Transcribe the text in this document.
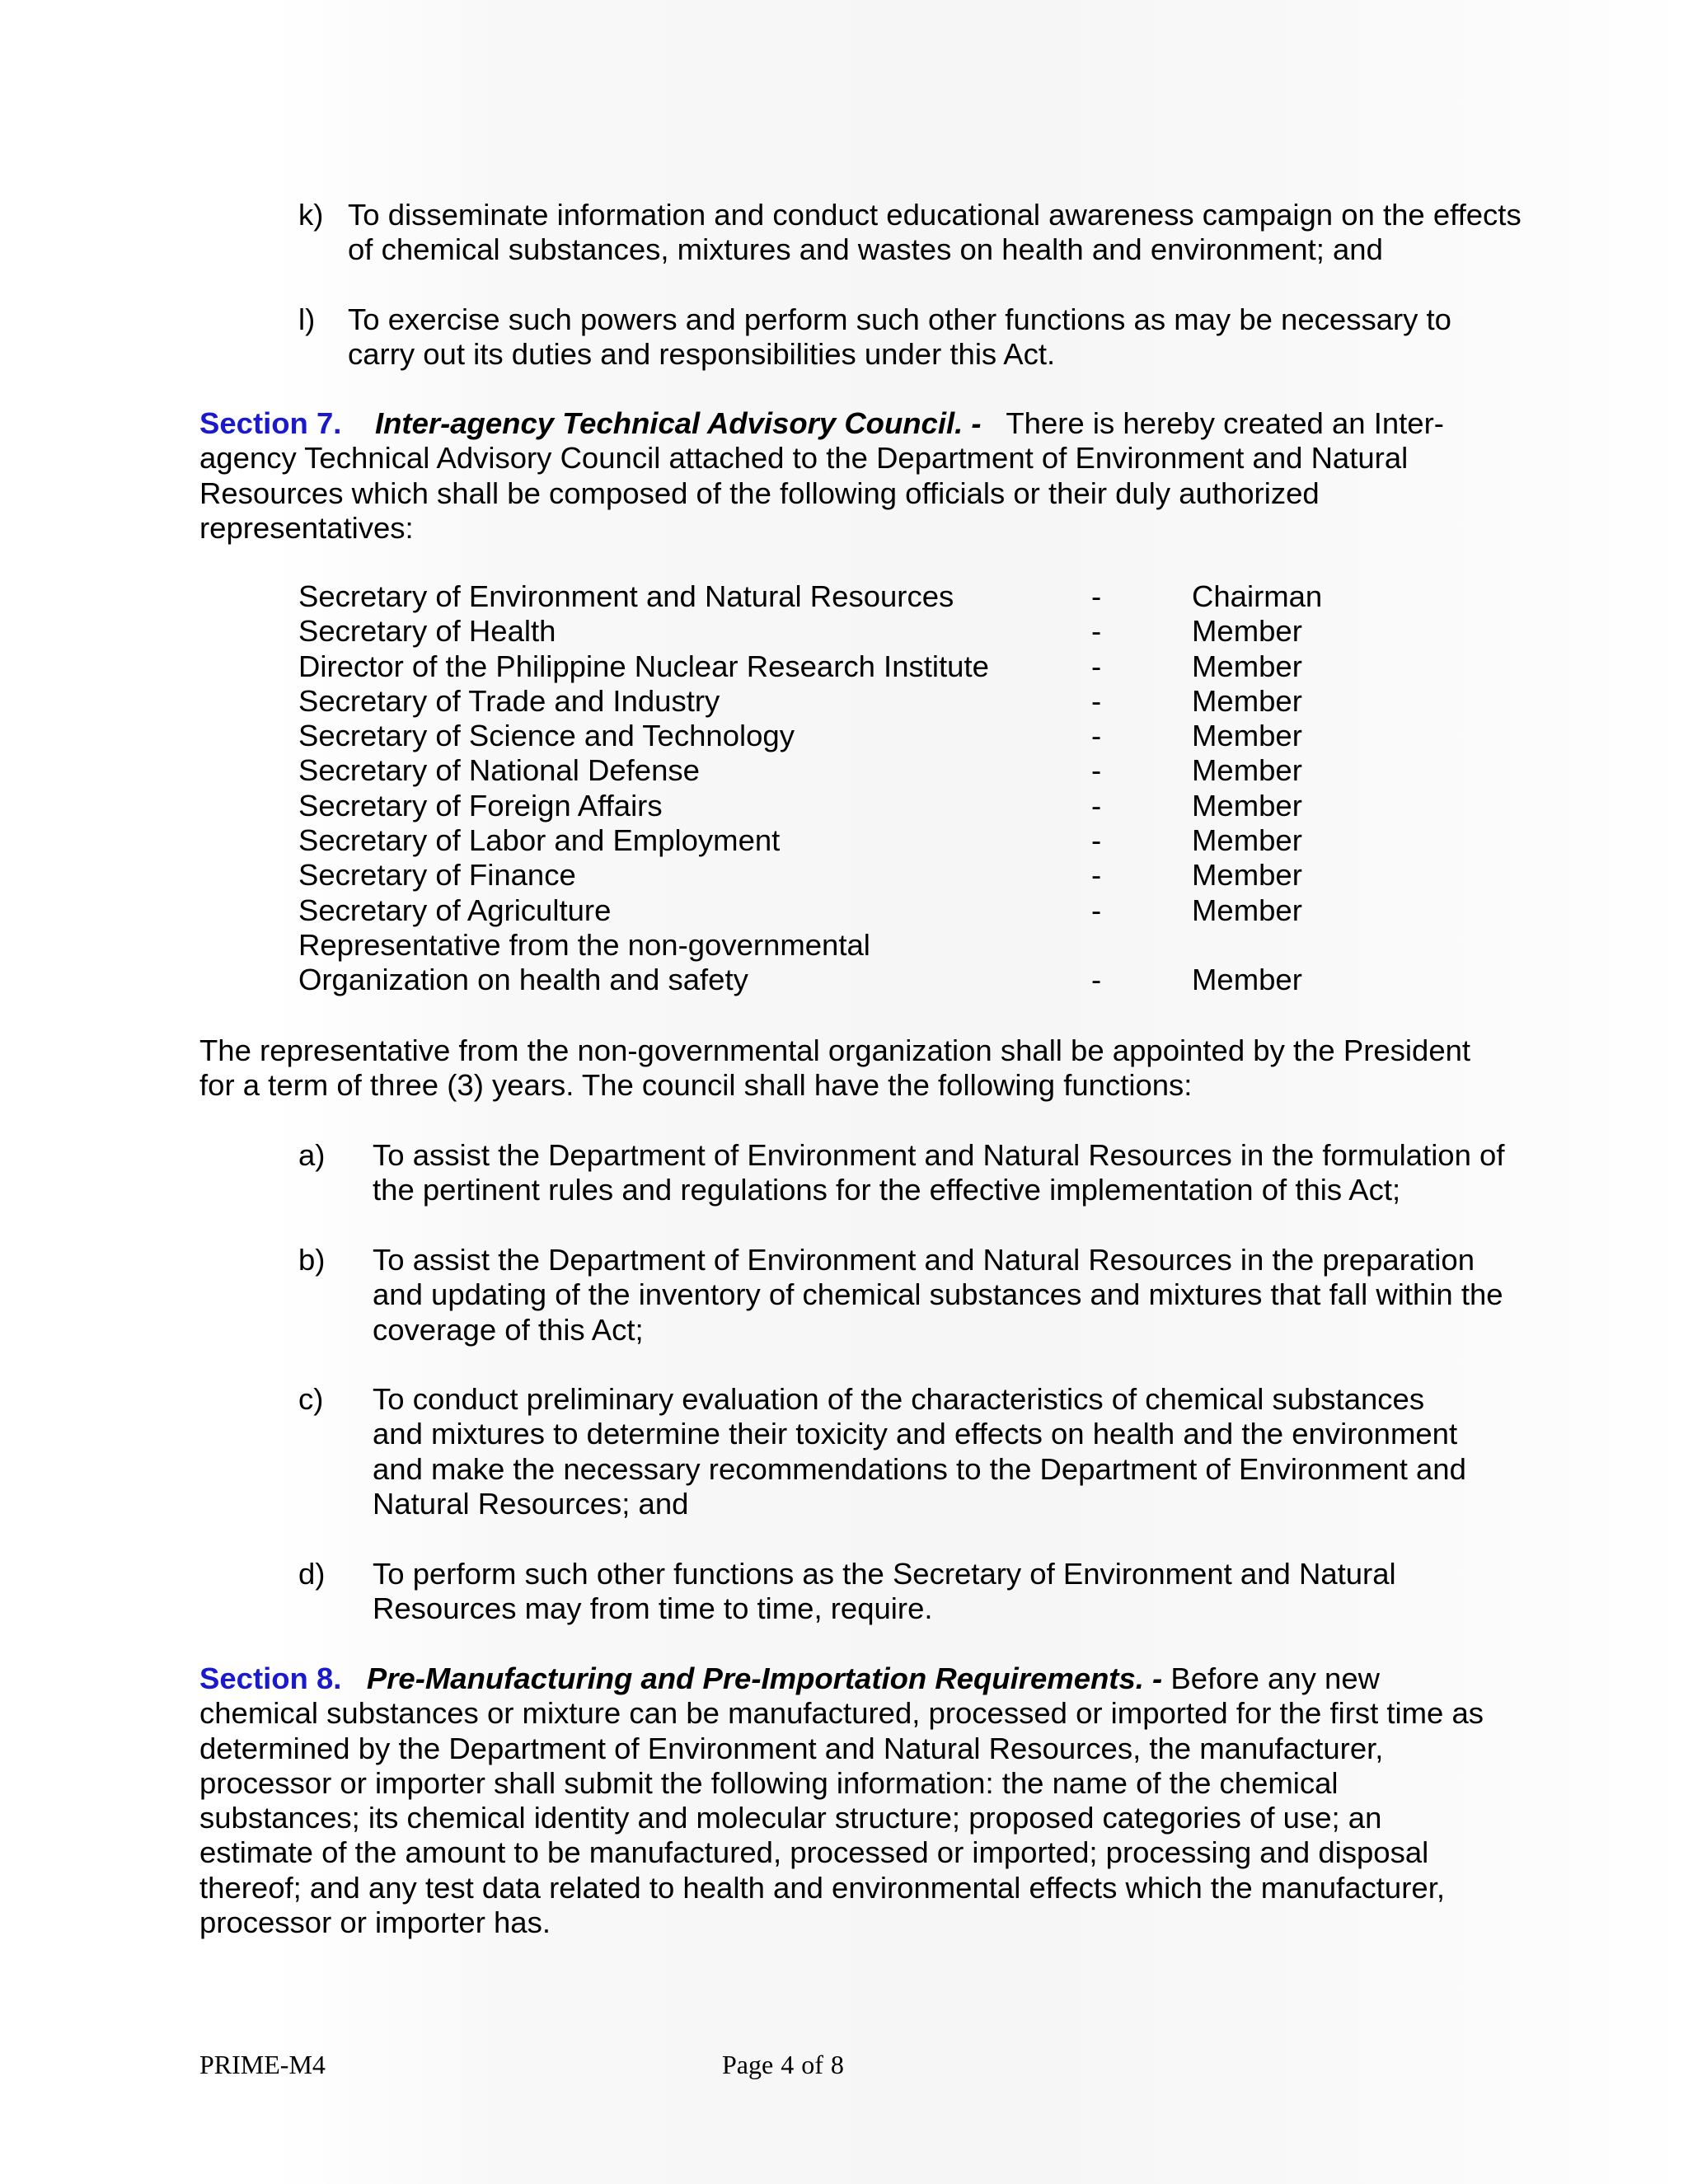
k) To disseminate information and conduct educational awareness campaign on the effects of chemical substances, mixtures and wastes on health and environment; and
l) To exercise such powers and perform such other functions as may be necessary to carry out its duties and responsibilities under this Act.
Section 7. Inter-agency Technical Advisory Council. - There is hereby created an Inter-agency Technical Advisory Council attached to the Department of Environment and Natural Resources which shall be composed of the following officials or their duly authorized representatives:
Secretary of Environment and Natural Resources	-	Chairman
Secretary of Health	-	Member
Director of the Philippine Nuclear Research Institute	-	Member
Secretary of Trade and Industry	-	Member
Secretary of Science and Technology	-	Member
Secretary of National Defense	-	Member
Secretary of Foreign Affairs	-	Member
Secretary of Labor and Employment	-	Member
Secretary of Finance	-	Member
Secretary of Agriculture	-	Member
Representative from the non-governmental Organization on health and safety	-	Member
The representative from the non-governmental organization shall be appointed by the President for a term of three (3) years. The council shall have the following functions:
a) To assist the Department of Environment and Natural Resources in the formulation of the pertinent rules and regulations for the effective implementation of this Act;
b) To assist the Department of Environment and Natural Resources in the preparation and updating of the inventory of chemical substances and mixtures that fall within the coverage of this Act;
c) To conduct preliminary evaluation of the characteristics of chemical substances and mixtures to determine their toxicity and effects on health and the environment and make the necessary recommendations to the Department of Environment and Natural Resources; and
d) To perform such other functions as the Secretary of Environment and Natural Resources may from time to time, require.
Section 8. Pre-Manufacturing and Pre-Importation Requirements. - Before any new chemical substances or mixture can be manufactured, processed or imported for the first time as determined by the Department of Environment and Natural Resources, the manufacturer, processor or importer shall submit the following information: the name of the chemical substances; its chemical identity and molecular structure; proposed categories of use; an estimate of the amount to be manufactured, processed or imported; processing and disposal thereof; and any test data related to health and environmental effects which the manufacturer, processor or importer has.
PRIME-M4	Page 4 of 8
